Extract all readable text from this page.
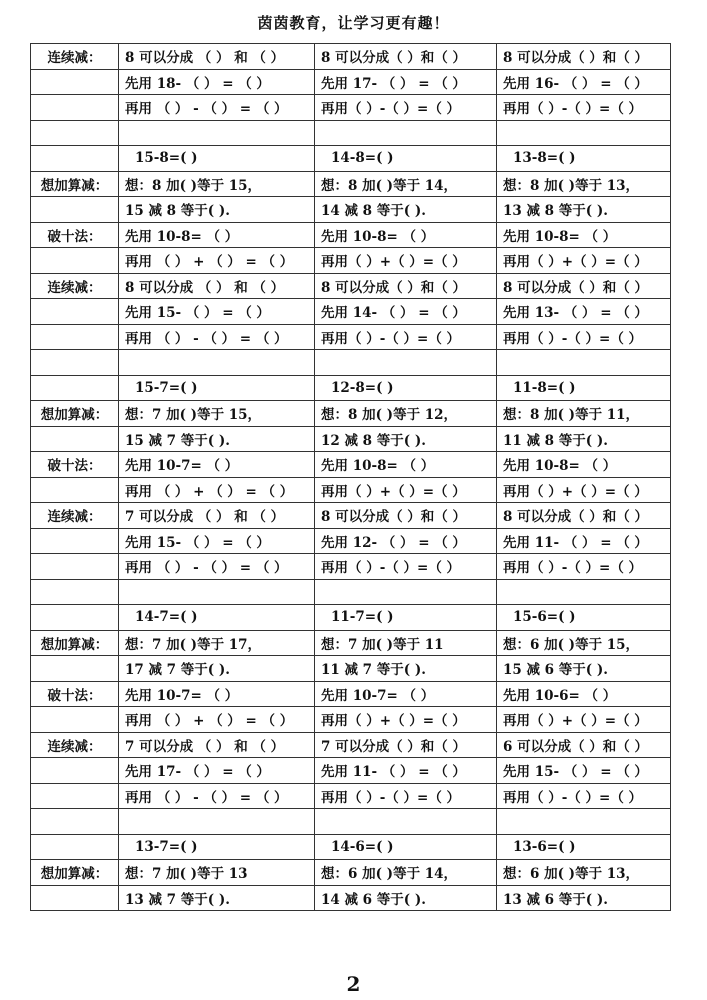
茵茵教育，让学习更有趣！
连续减：	8 可以分成 （ ） 和 （ ）	8 可以分成（ ）和（ ）	8 可以分成（ ）和（ ）
	先用 18- （ ） = （ ）	先用 17- （ ） = （ ）	先用 16- （ ） = （ ）
	再用 （ ） - （ ） = （ ）	再用（ ）-（ ）=（ ）	再用（ ）-（ ）=（ ）

	15-8=( )	14-8=( )	13-8=( )
想加算减：	想：8 加( )等于 15，	想：8 加( )等于 14，	想：8 加( )等于 13，
	15 减 8 等于( ).	14 减 8 等于( ).	13 减 8 等于( ).
破十法：	先用 10-8= （ ）	先用 10-8= （ ）	先用 10-8= （ ）
	再用 （ ） + （ ） = （ ）	再用（ ）+（ ）=（ ）	再用（ ）+（ ）=（ ）
连续减：	8 可以分成 （ ） 和 （ ）	8 可以分成（ ）和（ ）	8 可以分成（ ）和（ ）
	先用 15- （ ） = （ ）	先用 14- （ ） = （ ）	先用 13- （ ） = （ ）
	再用 （ ） - （ ） = （ ）	再用（ ）-（ ）=（ ）	再用（ ）-（ ）=（ ）

	15-7=( )	12-8=( )	11-8=( )
想加算减：	想：7 加( )等于 15，	想：8 加( )等于 12，	想：8 加( )等于 11，
	15 减 7 等于( ).	12 减 8 等于( ).	11 减 8 等于( ).
破十法：	先用 10-7= （ ）	先用 10-8= （ ）	先用 10-8= （ ）
	再用 （ ） + （ ） = （ ）	再用（ ）+（ ）=（ ）	再用（ ）+（ ）=（ ）
连续减：	7 可以分成 （ ） 和 （ ）	8 可以分成（ ）和（ ）	8 可以分成（ ）和（ ）
	先用 15- （ ） = （ ）	先用 12- （ ） = （ ）	先用 11- （ ） = （ ）
	再用 （ ） - （ ） = （ ）	再用（ ）-（ ）=（ ）	再用（ ）-（ ）=（ ）

	14-7=( )	11-7=( )	15-6=( )
想加算减：	想：7 加( )等于 17，	想：7 加( )等于 11	想：6 加( )等于 15，
	17 减 7 等于( ).	11 减 7 等于( ).	15 减 6 等于( ).
破十法：	先用 10-7= （ ）	先用 10-7= （ ）	先用 10-6= （ ）
	再用 （ ） + （ ） = （ ）	再用（ ）+（ ）=（ ）	再用（ ）+（ ）=（ ）
连续减：	7 可以分成 （ ） 和 （ ）	7 可以分成（ ）和（ ）	6 可以分成（ ）和（ ）
	先用 17- （ ） = （ ）	先用 11- （ ） = （ ）	先用 15- （ ） = （ ）
	再用 （ ） - （ ） = （ ）	再用（ ）-（ ）=（ ）	再用（ ）-（ ）=（ ）

	13-7=( )	14-6=( )	13-6=( )
想加算减：	想：7 加( )等于 13	想：6 加( )等于 14，	想：6 加( )等于 13，
	13 减 7 等于( ).	14 减 6 等于( ).	13 减 6 等于( ).
2
